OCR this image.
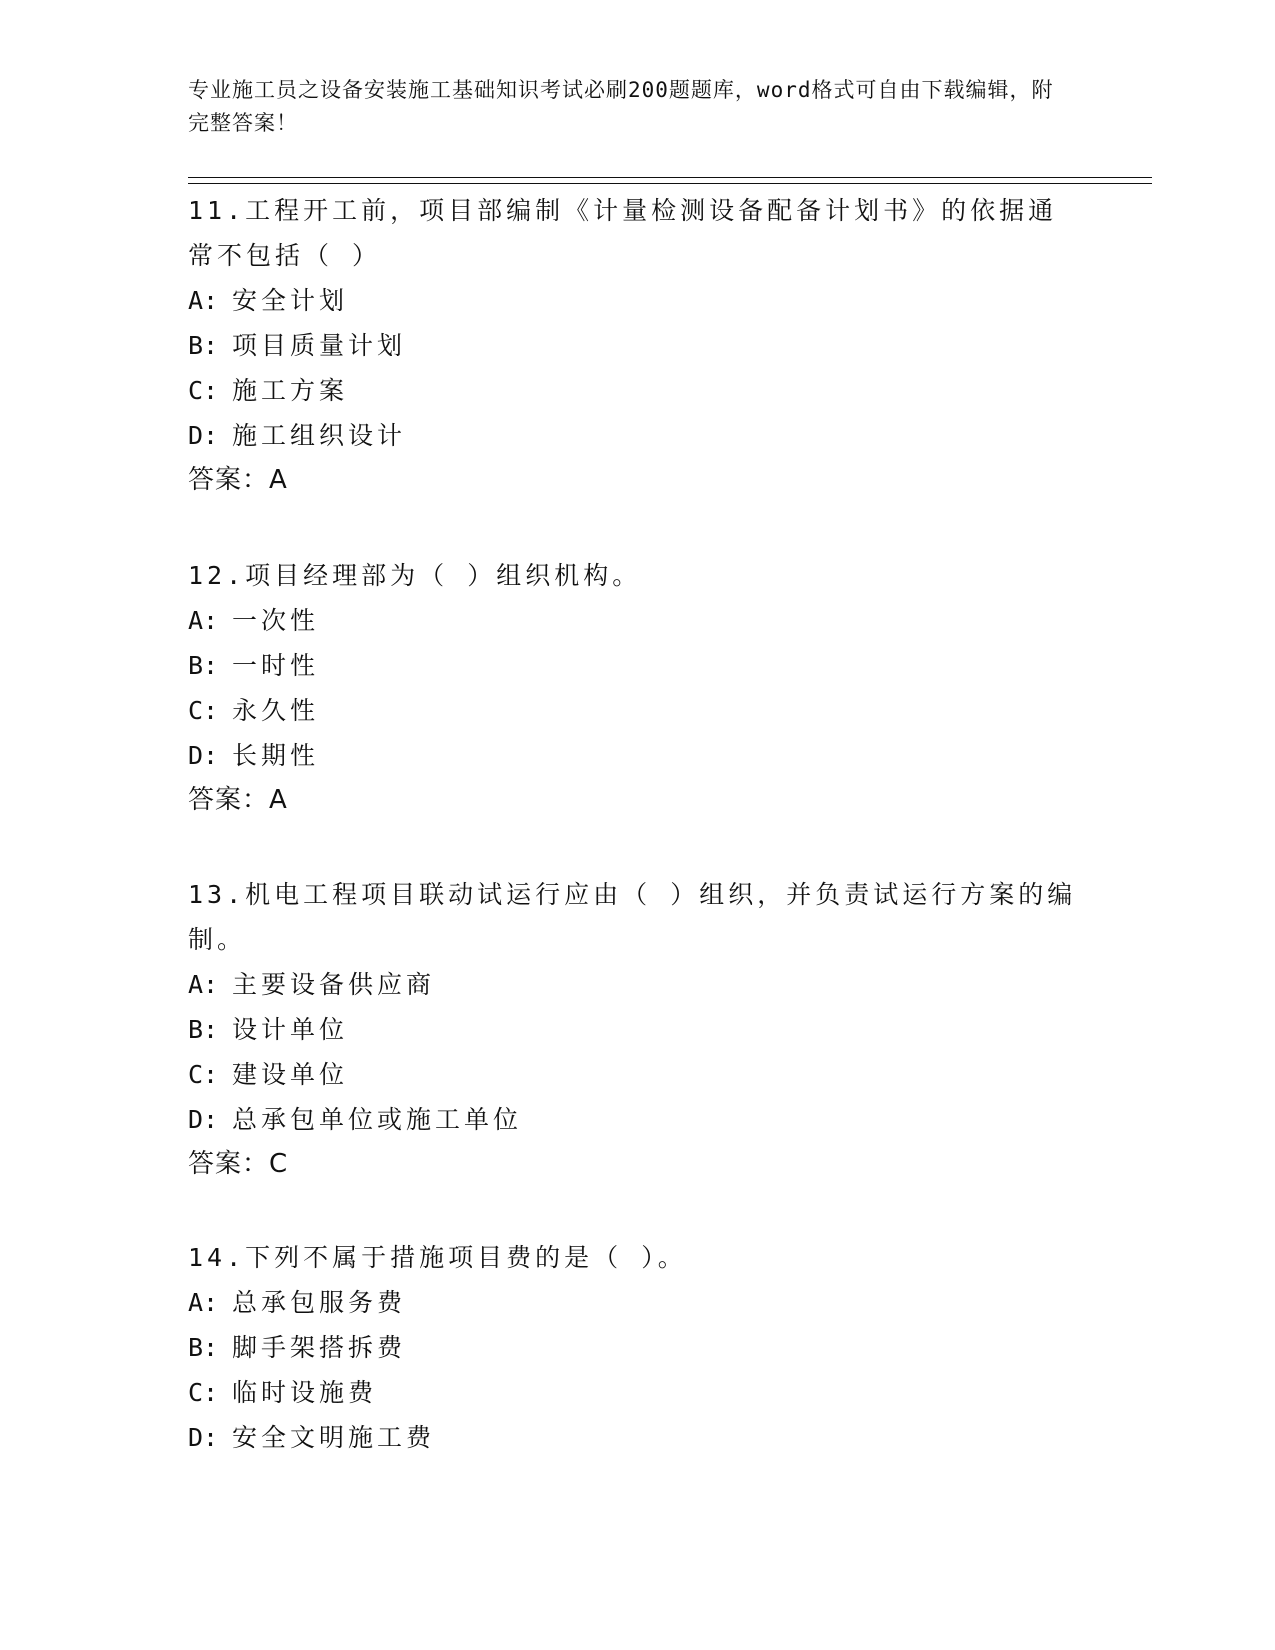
专业施工员之设备安装施工基础知识考试必刷200题题库，word格式可自由下载编辑，附完整答案！

11.工程开工前，项目部编制《计量检测设备配备计划书》的依据通常不包括（ ）

A: 安全计划

B: 项目质量计划

C: 施工方案

D: 施工组织设计

答案：A

12.项目经理部为（ ）组织机构。

A: 一次性

B: 一时性

C: 永久性

D: 长期性

答案：A

13.机电工程项目联动试运行应由（ ）组织，并负责试运行方案的编制。

A: 主要设备供应商

B: 设计单位

C: 建设单位

D: 总承包单位或施工单位

答案：C

14.下列不属于措施项目费的是（ ）。

A: 总承包服务费

B: 脚手架搭拆费

C: 临时设施费

D: 安全文明施工费
